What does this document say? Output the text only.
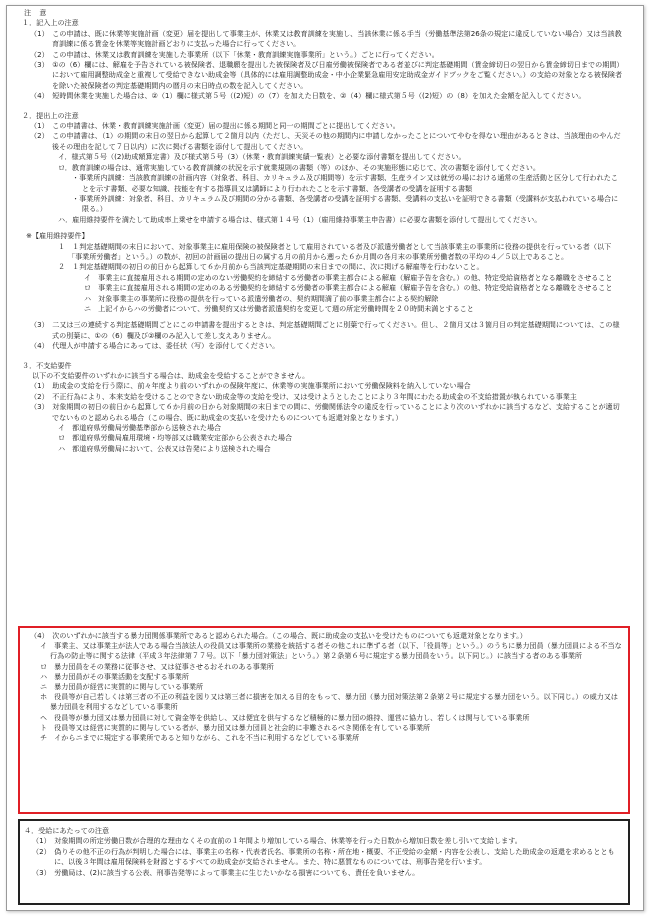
注 意

１．記入上の注意

（1）　この申請は、既に休業等実施計画（変更）届を提出して事業主が、休業又は教育訓練を実施し、当該休業に係る手当（労働基準法第26条の規定に違反していない場合）又は当該教育訓練に係る賃金を休業等実施計画どおりに支払った場合に行ってください。

（2）　この申請は、休業又は教育訓練を実施した事業所（以下「休業・教育訓練実施事業所」という。）ごとに行ってください。

（3）　①の（6）欄には、解雇を予告されている被保険者、退職願を提出した被保険者及び日雇労働被保険者である者並びに判定基礎期間（賃金締切日の翌日から賃金締切日までの期間）において雇用調整助成金と重複して受給できない助成金等（具体的には雇用調整助成金・中小企業緊急雇用安定助成金ガイドブックをご覧ください。）の支給の対象となる被保険者を除いた被保険者の判定基礎期間内の暦月の末日時点の数を記入してください。

（4）　短時間休業を実施した場合は、②（1）欄に様式第５号（(2)短）の（7）を加えた日数を、②（4）欄に様式第５号（(2)短）の（8）を加えた金額を記入してください。

２．提出上の注意

（1）　この申請書は、休業・教育訓練実施計画（変更）届の提出に係る期間と同一の期間ごとに提出してください。

（2）　この申請書は、（1）の期間の末日の翌日から起算して２箇月以内（ただし、天災その他の期間内に申請しなかったことについてやむを得ない理由があるときは、当該理由のやんだ後その理由を記して７日以内）に次に掲げる書類を添付して提出してください。

イ．様式第５号（(2)助成額算定書）及び様式第５号（3）（休業・教育訓練実績一覧表）と必要な添付書類を提出してください。

ロ．教育訓練の場合は、通常実施している教育訓練の状況を示す就業規則の書類（等）のほか、その実施形態に応じて、次の書類を添付してください。

・事業所内訓練：当該教育訓練の計画内容（対象者、科目、カリキュラム及び期間等）を示す書類、生産ライン又は就労の場における通常の生産活動と区分して行われたことを示す書類、必要な知識、技能を有する指導員又は講師により行われたことを示す書類、各受講者の受講を証明する書類

・事業所外訓練：対象者、科目、カリキュラム及び期間の分かる書類、各受講者の受講を証明する書類、受講料の支払いを証明できる書類（受講料が支払われている場合に限る。）

ハ．雇用維持要件を満たして助成率上乗せを申請する場合は、様式第１４号（1）（雇用維持事業主申告書）に必要な書類を添付して提出してください。

※【雇用維持要件】

１　１判定基礎期間の末日において、対象事業主に雇用保険の被保険者として雇用されている者及び派遣労働者として当該事業主の事業所に役務の提供を行っている者（以下「事業所労働者」という。）の数が、初回の計画届の提出日の属する月の前月から遡った６か月間の各月末の事業所労働者数の平均の４／５以上であること。

２　１判定基礎期間の初日の前日から起算して６か月前から当該判定基礎期間の末日までの間に、次に掲げる解雇等を行わないこと。

イ　事業主に直接雇用される期間の定めのない労働契約を締結する労働者の事業主都合による解雇（解雇予告を含む。）の他、特定受給資格者となる離職をさせること

ロ　事業主に直接雇用される期間の定めのある労働契約を締結する労働者の事業主都合による解雇（解雇予告を含む。）の他、特定受給資格者となる離職をさせること

ハ　対象事業主の事業所に役務の提供を行っている派遣労働者の、契約期間満了前の事業主都合による契約解除

ニ　上記イからハの労働者について、労働契約又は労働者派遣契約を変更して週の所定労働時間を２０時間未満とすること

（3）　二又は三の連続する判定基礎期間ごとにこの申請書を提出するときは、判定基礎期間ごとに別葉で行ってください。但し、２箇月又は３箇月目の判定基礎期間については、この様式の別葉に、①の（6）欄及び②欄のみ記入して差し支えありません。

（4）　代理人が申請する場合にあっては、委任状（写）を添付してください。

３．不支給要件

以下の不支給要件のいずれかに該当する場合は、助成金を受給することができません。

（1）　助成金の支給を行う際に、前々年度より前のいずれかの保険年度に、休業等の実施事業所において労働保険料を納入していない場合

（2）　不正行為により、本来支給を受けることのできない助成金等の支給を受け、又は受けようとしたことにより３年間にわたる助成金の不支給措置が執られている事業主

（3）　対象期間の初日の前日から起算して６か月前の日から対象期間の末日までの間に、労働関係法令の違反を行っていることにより次のいずれかに該当するなど、支給することが適切でないものと認められる場合（この場合、既に助成金の支払いを受けたものについても返還対象となります。）

イ　都道府県労働局労働基準部から送検された場合

ロ　都道府県労働局雇用環境・均等部又は職業安定部から公表された場合

ハ　都道府県労働局において、公表又は告発により送検された場合

（4）　次のいずれかに該当する暴力団関係事業所であると認められた場合。（この場合、既に助成金の支払いを受けたものについても返還対象となります。）

イ　事業主、又は事業主が法人である場合当該法人の役員又は事業所の業務を統括する者その他これに準ずる者（以下、「役員等」という。）のうちに暴力団員（暴力団員による不当な行為の防止等に関する法律（平成３年法律第７７号。以下「暴力団対策法」という。）第２条第６号に規定する暴力団員をいう。以下同じ。）に該当する者のある事業所

ロ　暴力団員をその業務に従事させ、又は従事させるおそれのある事業所

ハ　暴力団員がその事業活動を支配する事業所

ニ　暴力団員が経営に実質的に関与している事業所

ホ　役員等が自己若しくは第三者の不正の利益を図り又は第三者に損害を加える目的をもって、暴力団（暴力団対策法第２条第２号に規定する暴力団をいう。以下同じ。）の威力又は暴力団員を利用するなどしている事業所

ヘ　役員等が暴力団又は暴力団員に対して資金等を供給し、又は便宜を供与するなど積極的に暴力団の維持、運営に協力し、若しくは関与している事業所

ト　役員等又は経営に実質的に関与している者が、暴力団又は暴力団員と社会的に非難されるべき関係を有している事業所

チ　イからニまでに規定する事業所であると知りながら、これを不当に利用するなどしている事業所

４．受給にあたっての注意

（1）　対象期間の所定労働日数が合理的な理由なくその直前の１年間より増加している場合、休業等を行った日数から増加日数を差し引いて支給します。

（2）　偽りその他不正の行為が判明した場合には、事業主の名称・代表者氏名、事業所の名称・所在地・概要、不正受給の金額・内容を公表し、支給した助成金の返還を求めるとともに、以後３年間は雇用保険料を財源とするすべての助成金が支給されません。また、特に悪質なものについては、刑事告発を行います。

（3）　労働局は、(2)に該当する公表、刑事告発等によって事業主に生じたいかなる損害についても、責任を負いません。
